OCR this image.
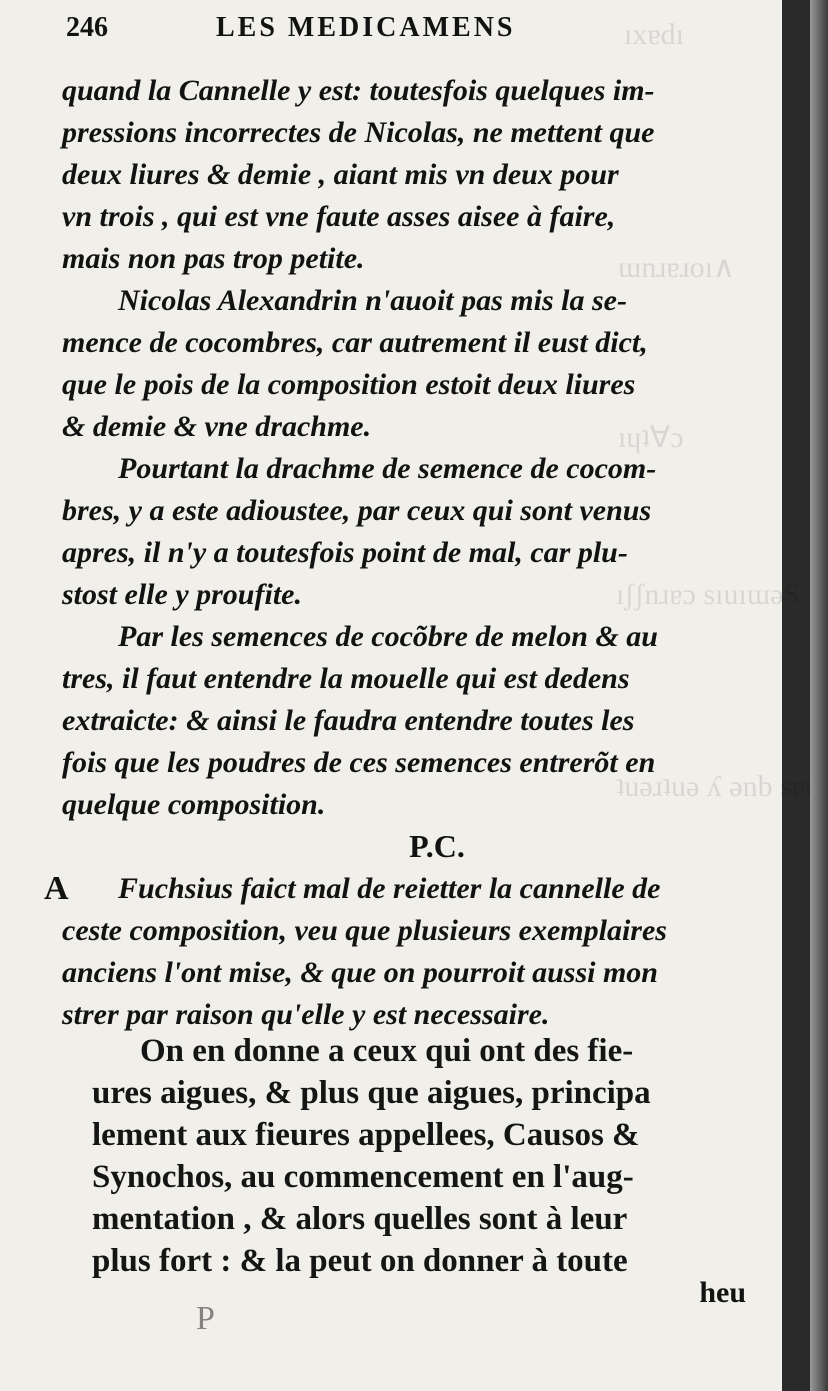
ıxɐdı
ɯnɹɐɹoı∧
ıɥʇ∀ɔ
ıʃʃnɹɐɔ sıuıɯǝS
ʇuǝɹʇuǝ ʎ ǝnb sɐɯ
246	LES MEDICAMENS
A
quand la Cannelle y est: toutesfois quelques im-
pressions incorrectes de Nicolas, ne mettent que
deux liures & demie , aiant mis vn deux pour
vn trois , qui est vne faute asses aisee à faire,
mais non pas trop petite.
Nicolas Alexandrin n'auoit pas mis la se-
mence de cocombres, car autrement il eust dict,
que le pois de la composition estoit deux liures
& demie & vne drachme.
Pourtant la drachme de semence de cocom-
bres, y a este adioustee, par ceux qui sont venus
apres, il n'y a toutesfois point de mal, car plu-
stost elle y proufite.
Par les semences de cocõbre de melon & au
tres, il faut entendre la mouelle qui est dedens
extraicte: & ainsi le faudra entendre toutes les
fois que les poudres de ces semences entrerõt en
quelque composition.
P.C.
Fuchsius faict mal de reietter la cannelle de
ceste composition, veu que plusieurs exemplaires
anciens l'ont mise, & que on pourroit aussi mon
strer par raison qu'elle y est necessaire.
On en donne a ceux qui ont des fie-
ures aigues, & plus que aigues, principa
lement aux fieures appellees, Causos &
Synochos, au commencement en l'aug-
mentation , & alors quelles sont à leur
plus fort : & la peut on donner à toute
heu
P
